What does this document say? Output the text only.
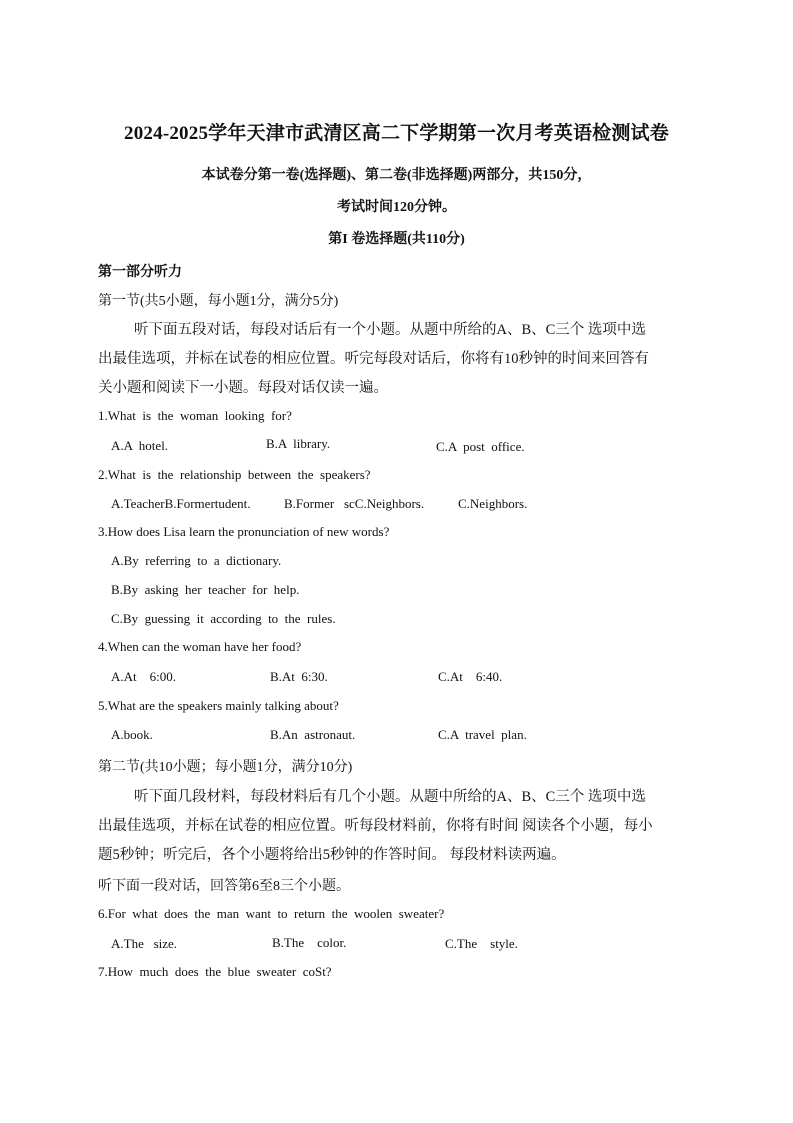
2024-2025学年天津市武清区高二下学期第一次月考英语检测试卷
本试卷分第一卷(选择题)、第二卷(非选择题)两部分，共150分，
考试时间120分钟。
第I 卷选择题(共110分)
第一部分听力
第一节(共5小题，每小题1分，满分5分)
听下面五段对话，每段对话后有一个小题。从题中所给的A、B、C三个 选项中选出最佳选项，并标在试卷的相应位置。听完每段对话后，你将有10秒钟的时间来回答有关小题和阅读下一小题。每段对话仅读一遍。
1.What  is  the  woman  looking  for?
A.A  hotel.	B.A  library.	C.A  post  office.
2.What  is  the  relationship  between  the  speakers?
A.TeacherB.Formertudent.	B.Former   scC.Neighbors.	C.Neighbors.
3.How does Lisa learn the pronunciation of new words?
A.By  referring  to  a  dictionary.
B.By  asking  her  teacher  for  help.
C.By  guessing  it  according  to  the  rules.
4.When can the woman have her food?
A.At    6:00.	B.At  6:30.	C.At    6:40.
5.What are the speakers mainly talking about?
A.book.	B.An  astronaut.	C.A  travel  plan.
第二节(共10小题；每小题1分，满分10分)
听下面几段材料，每段材料后有几个小题。从题中所给的A、B、C三个 选项中选出最佳选项，并标在试卷的相应位置。听每段材料前，你将有时间 阅读各个小题，每小题5秒钟；听完后，各个小题将给出5秒钟的作答时间。 每段材料读两遍。
听下面一段对话，回答第6至8三个小题。
6.For  what  does  the  man  want  to  return  the  woolen  sweater?
A.The   size.	B.The    color.	C.The    style.
7.How  much  does  the  blue  sweater  coSt?
